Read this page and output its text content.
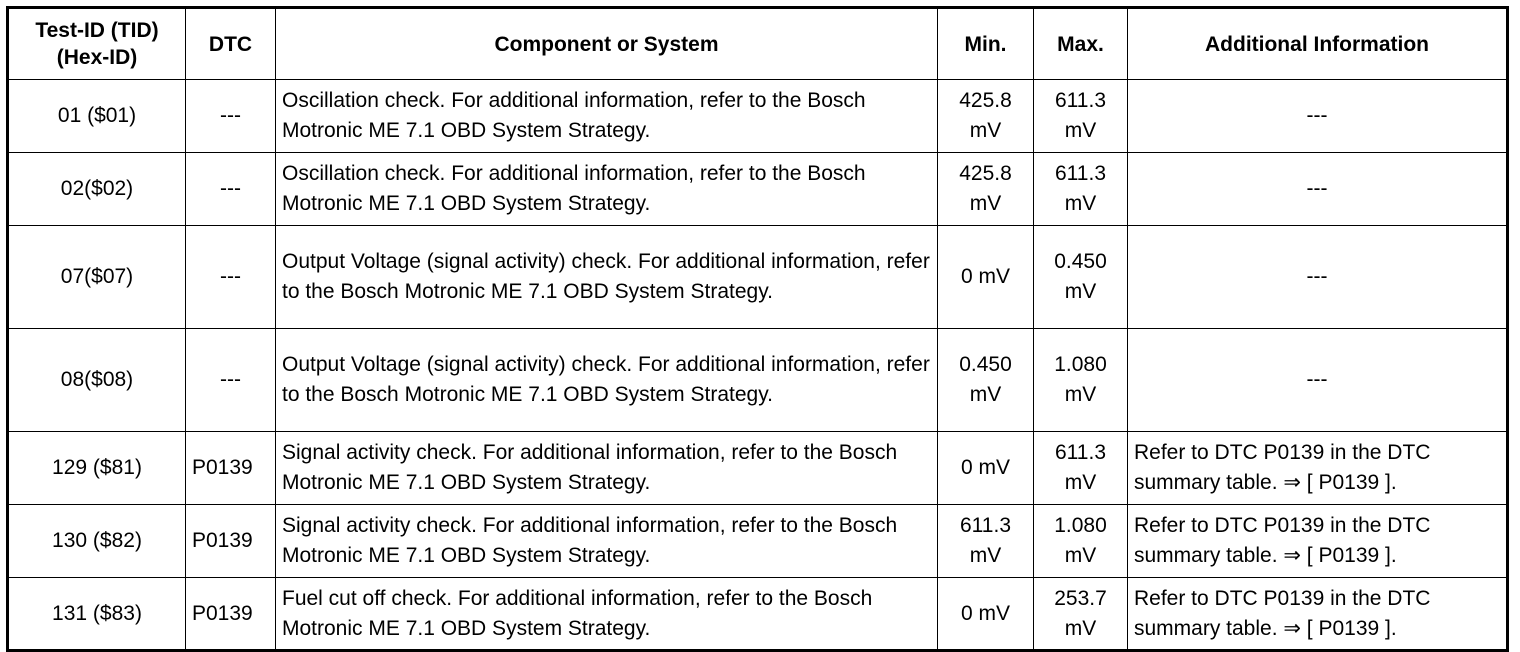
Test-ID (TID)
(Hex-ID)	DTC	Component or System	Min.	Max.	Additional Information
01 ($01)	---	Oscillation check. For additional information, refer to the Bosch Motronic ME 7.1 OBD System Strategy.	425.8 mV	611.3 mV	---
02($02)	---	Oscillation check. For additional information, refer to the Bosch Motronic ME 7.1 OBD System Strategy.	425.8 mV	611.3 mV	---
07($07)	---	Output Voltage (signal activity) check. For additional information, refer to the Bosch Motronic ME 7.1 OBD System Strategy.	0 mV	0.450 mV	---
08($08)	---	Output Voltage (signal activity) check. For additional information, refer to the Bosch Motronic ME 7.1 OBD System Strategy.	0.450 mV	1.080 mV	---
129 ($81)	P0139	Signal activity check. For additional information, refer to the Bosch Motronic ME 7.1 OBD System Strategy.	0 mV	611.3 mV	Refer to DTC P0139 in the DTC summary table. ⇒ [ P0139 ].
130 ($82)	P0139	Signal activity check. For additional information, refer to the Bosch Motronic ME 7.1 OBD System Strategy.	611.3 mV	1.080 mV	Refer to DTC P0139 in the DTC summary table. ⇒ [ P0139 ].
131 ($83)	P0139	Fuel cut off check. For additional information, refer to the Bosch Motronic ME 7.1 OBD System Strategy.	0 mV	253.7 mV	Refer to DTC P0139 in the DTC summary table. ⇒ [ P0139 ].
